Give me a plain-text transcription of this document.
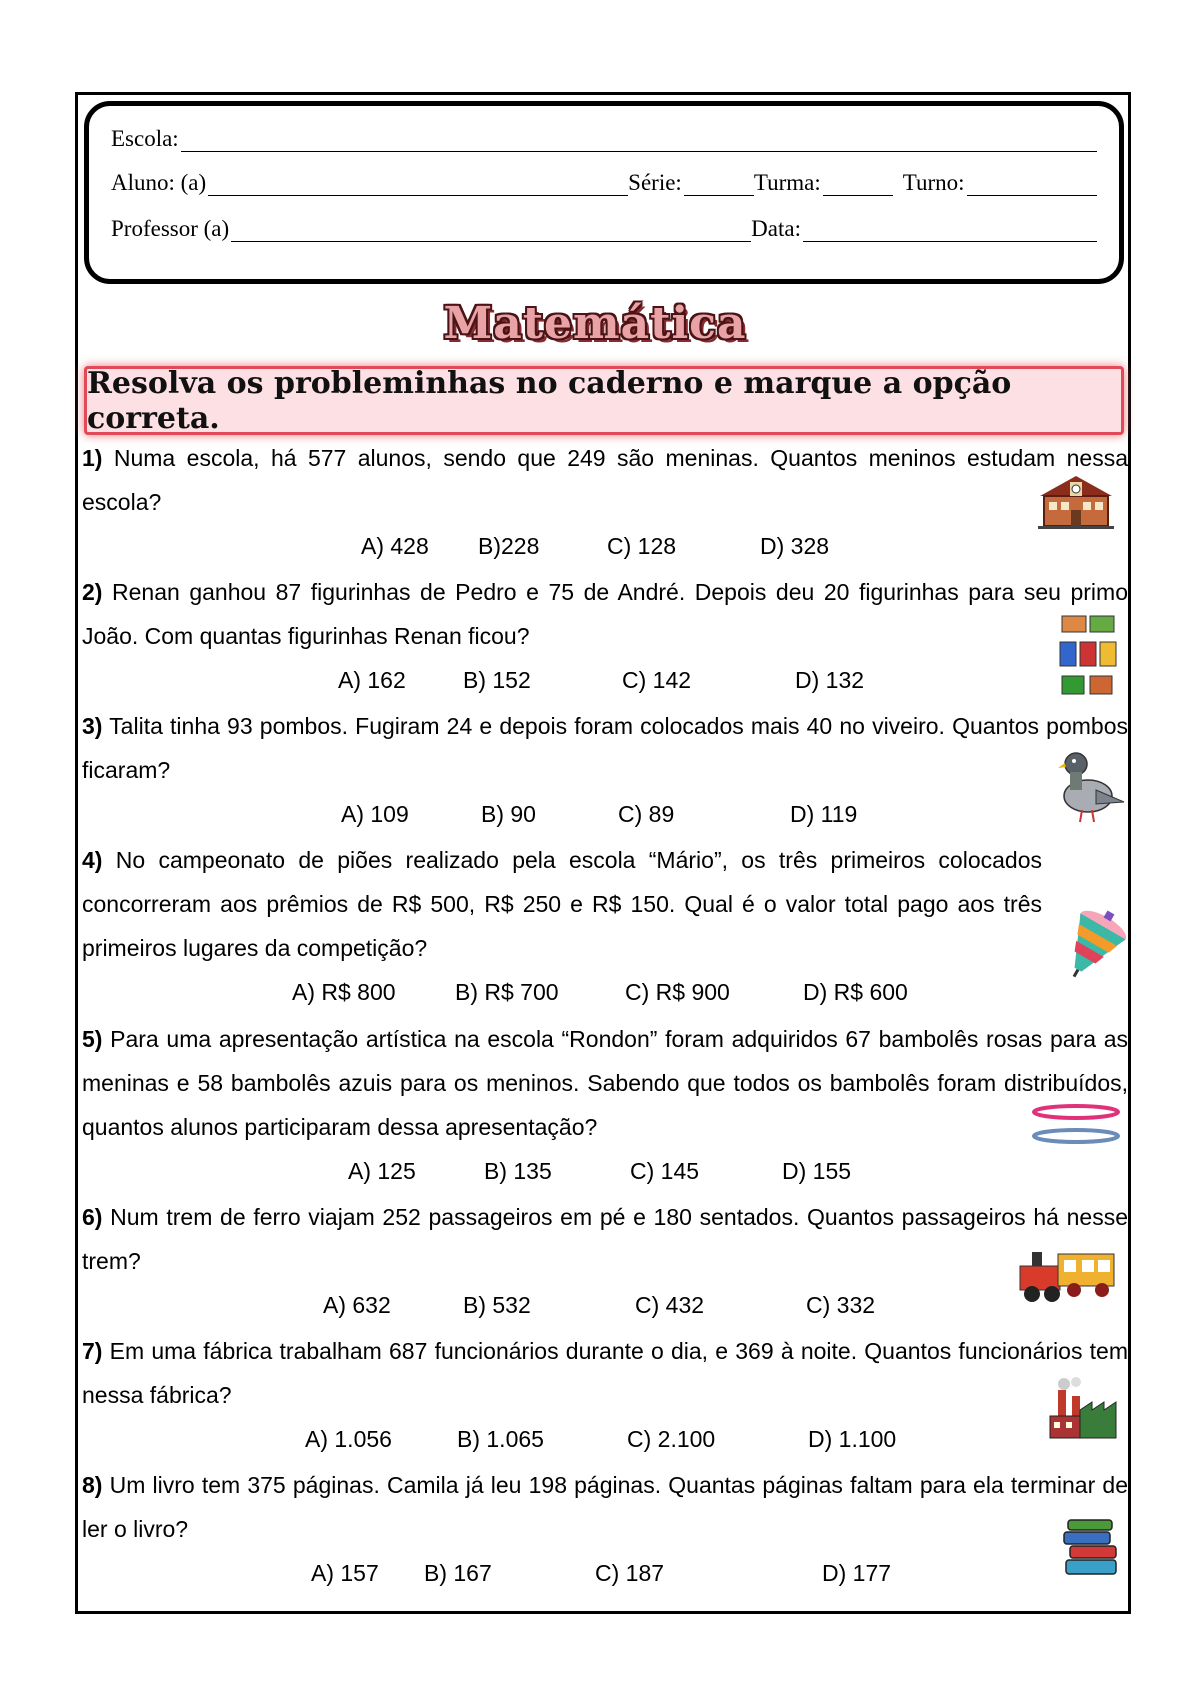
Escola:
Aluno: (a)	Série:	Turma:	Turno:
Professor (a)	Data:
Matemática
Resolva os probleminhas no caderno e marque a opção correta.

1) Numa escola, há 577 alunos, sendo que 249 são meninas. Quantos meninos estudam nessa escola?

A) 428 B)228	C) 128	D) 328

2) Renan ganhou 87 figurinhas de Pedro e 75 de André. Depois deu 20 figurinhas para seu primo João. Com quantas figurinhas Renan ficou?

A) 162 B) 152	C) 142	D) 132

3) Talita tinha 93 pombos. Fugiram 24 e depois foram colocados mais 40 no viveiro. Quantos pombos ficaram?

A) 109	B) 90	C) 89	D) 119

4) No campeonato de piões realizado pela escola “Mário”, os três primeiros colocados concorreram aos prêmios de R$ 500, R$ 250 e R$ 150. Qual é o valor total pago aos três primeiros lugares da competição?

A) R$ 800	B) R$ 700	C) R$ 900	D) R$ 600

5) Para uma apresentação artística na escola “Rondon” foram adquiridos 67 bambolês rosas para as meninas e 58 bambolês azuis para os meninos. Sabendo que todos os bambolês foram distribuídos, quantos alunos participaram dessa apresentação?

A) 125	B) 135	C) 145	D) 155

6) Num trem de ferro viajam 252 passageiros em pé e 180 sentados. Quantos passageiros há nesse trem?

A) 632	B) 532	C) 432	C) 332

7) Em uma fábrica trabalham 687 funcionários durante o dia, e 369 à noite. Quantos funcionários tem nessa fábrica?

A) 1.056	B) 1.065	C) 2.100	D) 1.100

8) Um livro tem 375 páginas. Camila já leu 198 páginas. Quantas páginas faltam para ela terminar de ler o livro?

A) 157 B) 167	C) 187	D) 177
